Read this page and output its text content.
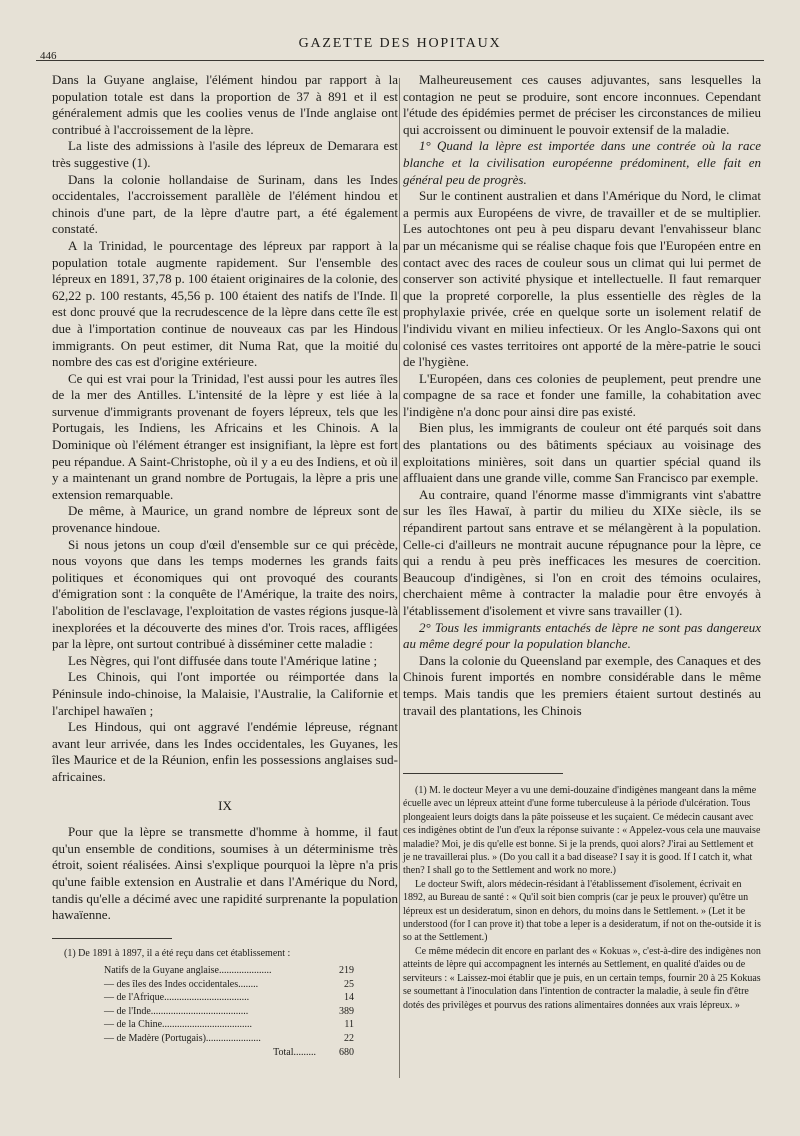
446
GAZETTE DES HOPITAUX

Dans la Guyane anglaise, l'élément hindou par rapport à la population totale est dans la proportion de 37 à 891 et il est généralement admis que les coolies venus de l'Inde anglaise ont contribué à l'accroissement de la lèpre.

La liste des admissions à l'asile des lépreux de Demarara est très suggestive (1).

Dans la colonie hollandaise de Surinam, dans les Indes occidentales, l'accroissement parallèle de l'élément hindou et chinois d'une part, de la lèpre d'autre part, a été également constaté.

A la Trinidad, le pourcentage des lépreux par rapport à la population totale augmente rapidement. Sur l'ensemble des lépreux en 1891, 37,78 p. 100 étaient originaires de la colonie, des 62,22 p. 100 restants, 45,56 p. 100 étaient des natifs de l'Inde. Il est donc prouvé que la recrudescence de la lèpre dans cette île est due à l'importation continue de nouveaux cas par les Hindous immigrants. On peut estimer, dit Numa Rat, que la moitié du nombre des cas est d'origine extérieure.

Ce qui est vrai pour la Trinidad, l'est aussi pour les autres îles de la mer des Antilles. L'intensité de la lèpre y est liée à la survenue d'immigrants provenant de foyers lépreux, tels que les Portugais, les Indiens, les Africains et les Chinois. A la Dominique où l'élément étranger est insignifiant, la lèpre est fort peu répandue. A Saint-Christophe, où il y a eu des Indiens, et où il y a maintenant un grand nombre de Portugais, la lèpre a pris une extension remarquable.

De même, à Maurice, un grand nombre de lépreux sont de provenance hindoue.

Si nous jetons un coup d'œil d'ensemble sur ce qui précède, nous voyons que dans les temps modernes les grands faits politiques et économiques qui ont provoqué des courants d'émigration sont : la conquête de l'Amérique, la traite des noirs, l'abolition de l'esclavage, l'exploitation de vastes régions jusque-là inexplorées et la découverte des mines d'or. Trois races, affligées par la lèpre, ont surtout contribué à disséminer cette maladie :

Les Nègres, qui l'ont diffusée dans toute l'Amérique latine ;

Les Chinois, qui l'ont importée ou réimportée dans la Péninsule indo-chinoise, la Malaisie, l'Australie, la Californie et l'archipel hawaïen ;

Les Hindous, qui ont aggravé l'endémie lépreuse, régnant avant leur arrivée, dans les Indes occidentales, les Guyanes, les îles Maurice et de la Réunion, enfin les possessions anglaises sud-africaines.

IX

Pour que la lèpre se transmette d'homme à homme, il faut qu'un ensemble de conditions, soumises à un déterminisme très étroit, soient réalisées. Ainsi s'explique pourquoi la lèpre n'a pris qu'une faible extension en Australie et dans l'Amérique du Nord, tandis qu'elle a décimé avec une rapidité surprenante la population hawaïenne.

(1) De 1891 à 1897, il a été reçu dans cet établissement :

Natifs de la Guyane anglaise.....................	219
— des îles des Indes occidentales........	25
— de l'Afrique..................................	14
— de l'Inde.......................................	389
— de la Chine....................................	11
— de Madère (Portugais)......................	22
Total.........	680

Malheureusement ces causes adjuvantes, sans lesquelles la contagion ne peut se produire, sont encore inconnues. Cependant l'étude des épidémies permet de préciser les circonstances de milieu qui accroissent ou diminuent le pouvoir extensif de la maladie.

1° Quand la lèpre est importée dans une contrée où la race blanche et la civilisation européenne prédominent, elle fait en général peu de progrès.

Sur le continent australien et dans l'Amérique du Nord, le climat a permis aux Européens de vivre, de travailler et de se multiplier. Les autochtones ont peu à peu disparu devant l'envahisseur blanc par un mécanisme qui se réalise chaque fois que l'Européen entre en contact avec des races de couleur sous un climat qui lui permet de conserver son activité physique et intellectuelle. Il faut remarquer que la propreté corporelle, la plus essentielle des règles de la prophylaxie privée, crée en quelque sorte un isolement relatif de l'individu vivant en milieu infectieux. Or les Anglo-Saxons qui ont colonisé ces vastes territoires ont apporté de la mère-patrie le souci de l'hygiène.

L'Européen, dans ces colonies de peuplement, peut prendre une compagne de sa race et fonder une famille, la cohabitation avec l'indigène n'a donc pour ainsi dire pas existé.

Bien plus, les immigrants de couleur ont été parqués soit dans des plantations ou des bâtiments spéciaux au voisinage des exploitations minières, soit dans un quartier spécial quand ils affluaient dans une grande ville, comme San Francisco par exemple.

Au contraire, quand l'énorme masse d'immigrants vint s'abattre sur les îles Hawaï, à partir du milieu du XIXe siècle, ils se répandirent partout sans entrave et se mélangèrent à la population. Celle-ci d'ailleurs ne montrait aucune répugnance pour la lèpre, ce qui a rendu à peu près inefficaces les mesures de coercition. Beaucoup d'indigènes, si l'on en croit des témoins oculaires, cherchaient même à contracter la maladie pour être envoyés à l'établissement d'isolement et vivre sans travailler (1).

2° Tous les immigrants entachés de lèpre ne sont pas dangereux au même degré pour la population blanche.

Dans la colonie du Queensland par exemple, des Canaques et des Chinois furent importés en nombre considérable dans le même temps. Mais tandis que les premiers étaient surtout destinés au travail des plantations, les Chinois

(1) M. le docteur Meyer a vu une demi-douzaine d'indigènes mangeant dans la même écuelle avec un lépreux atteint d'une forme tuberculeuse à la période d'ulcération. Tous plongeaient leurs doigts dans la pâte poisseuse et les suçaient. Ce médecin causant avec ces indigènes obtint de l'un d'eux la réponse suivante : « Appelez-vous cela une mauvaise maladie? Moi, je dis qu'elle est bonne. Si je la prends, quoi alors? J'irai au Settlement et je ne travaillerai plus. » (Do you call it a bad disease? I say it is good. If I catch it, what then? I shall go to the Settlement and work no more.)

Le docteur Swift, alors médecin-résidant à l'établissement d'isolement, écrivait en 1892, au Bureau de santé : « Qu'il soit bien compris (car je peux le prouver) qu'être un lépreux est un desideratum, sinon en dehors, du moins dans le Settlement. » (Let it be understood (for I can prove it) that tobe a leper is a desideratum, if not on the-outside it is so at the Settlement.)

Ce même médecin dit encore en parlant des « Kokuas », c'est-à-dire des indigènes non atteints de lèpre qui accompagnent les internés au Settlement, en qualité d'aides ou de serviteurs : « Laissez-moi établir que je puis, en un certain temps, fournir 20 à 25 Kokuas se soumettant à l'inoculation dans l'intention de contracter la maladie, à seule fin d'être dotés des privilèges et pourvus des rations alimentaires données aux vrais lépreux. »
